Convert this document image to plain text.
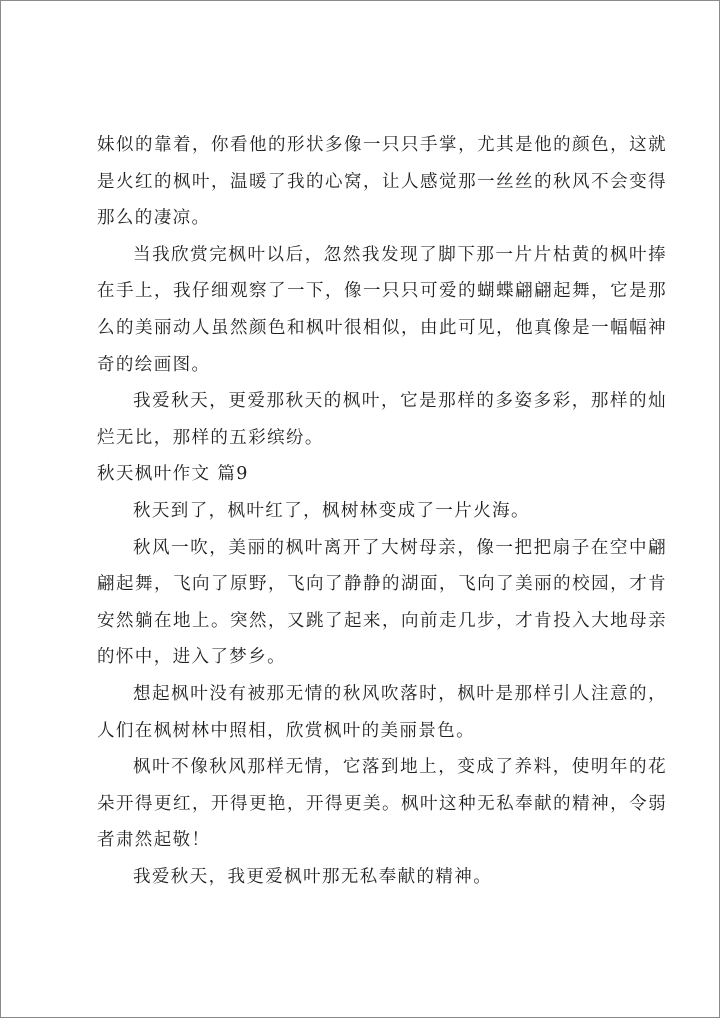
妹似的靠着，你看他的形状多像一只只手掌，尤其是他的颜色，这就是火红的枫叶，温暖了我的心窝，让人感觉那一丝丝的秋风不会变得那么的凄凉。

当我欣赏完枫叶以后，忽然我发现了脚下那一片片枯黄的枫叶捧在手上，我仔细观察了一下，像一只只可爱的蝴蝶翩翩起舞，它是那么的美丽动人虽然颜色和枫叶很相似，由此可见，他真像是一幅幅神奇的绘画图。

我爱秋天，更爱那秋天的枫叶，它是那样的多姿多彩，那样的灿烂无比，那样的五彩缤纷。

秋天枫叶作文 篇9

秋天到了，枫叶红了，枫树林变成了一片火海。

秋风一吹，美丽的枫叶离开了大树母亲，像一把把扇子在空中翩翩起舞，飞向了原野，飞向了静静的湖面，飞向了美丽的校园，才肯安然躺在地上。突然，又跳了起来，向前走几步，才肯投入大地母亲的怀中，进入了梦乡。

想起枫叶没有被那无情的秋风吹落时，枫叶是那样引人注意的，人们在枫树林中照相，欣赏枫叶的美丽景色。

枫叶不像秋风那样无情，它落到地上，变成了养料，使明年的花朵开得更红，开得更艳，开得更美。枫叶这种无私奉献的精神，令弱者肃然起敬！

我爱秋天，我更爱枫叶那无私奉献的精神。
